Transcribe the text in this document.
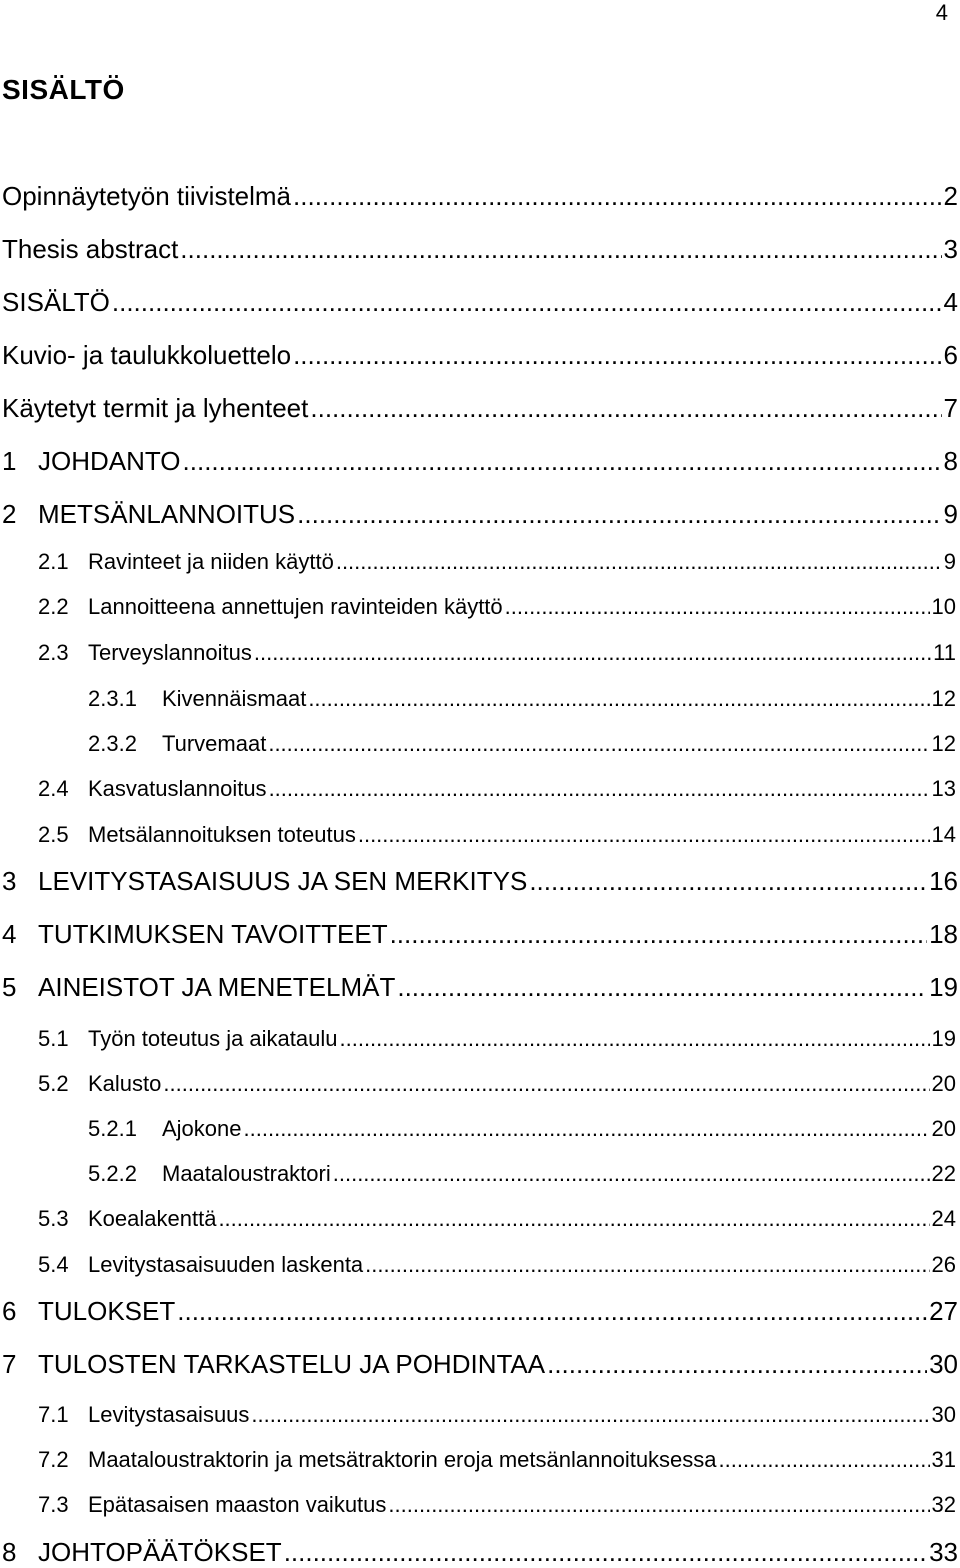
4
SISÄLTÖ
Opinnäytetyön tiivistelmä .....	2
Thesis abstract .....	3
SISÄLTÖ .....	4
Kuvio- ja taulukkoluettelo .....	6
Käytetyt termit ja lyhenteet .....	7
1 JOHDANTO .....	8
2 METSÄNLANNOITUS .....	9
2.1 Ravinteet ja niiden käyttö .....	9
2.2 Lannoitteena annettujen ravinteiden käyttö .....	10
2.3 Terveyslannoitus .....	11
2.3.1	Kivennäismaat .....	12
2.3.2	Turvemaat .....	12
2.4 Kasvatuslannoitus .....	13
2.5 Metsälannoituksen toteutus .....	14
3 LEVITYSTASAISUUS JA SEN MERKITYS .....	16
4 TUTKIMUKSEN TAVOITTEET .....	18
5 AINEISTOT JA MENETELMÄT .....	19
5.1 Työn toteutus ja aikataulu .....	19
5.2 Kalusto .....	20
5.2.1	Ajokone .....	20
5.2.2	Maataloustraktori .....	22
5.3 Koealakenttä .....	24
5.4 Levitystasaisuuden laskenta .....	26
6 TULOKSET .....	27
7 TULOSTEN TARKASTELU JA POHDINTAA .....	30
7.1 Levitystasaisuus .....	30
7.2 Maataloustraktorin ja metsätraktorin eroja metsänlannoituksessa .....	31
7.3 Epätasaisen maaston vaikutus .....	32
8 JOHTOPÄÄTÖKSET .....	33
